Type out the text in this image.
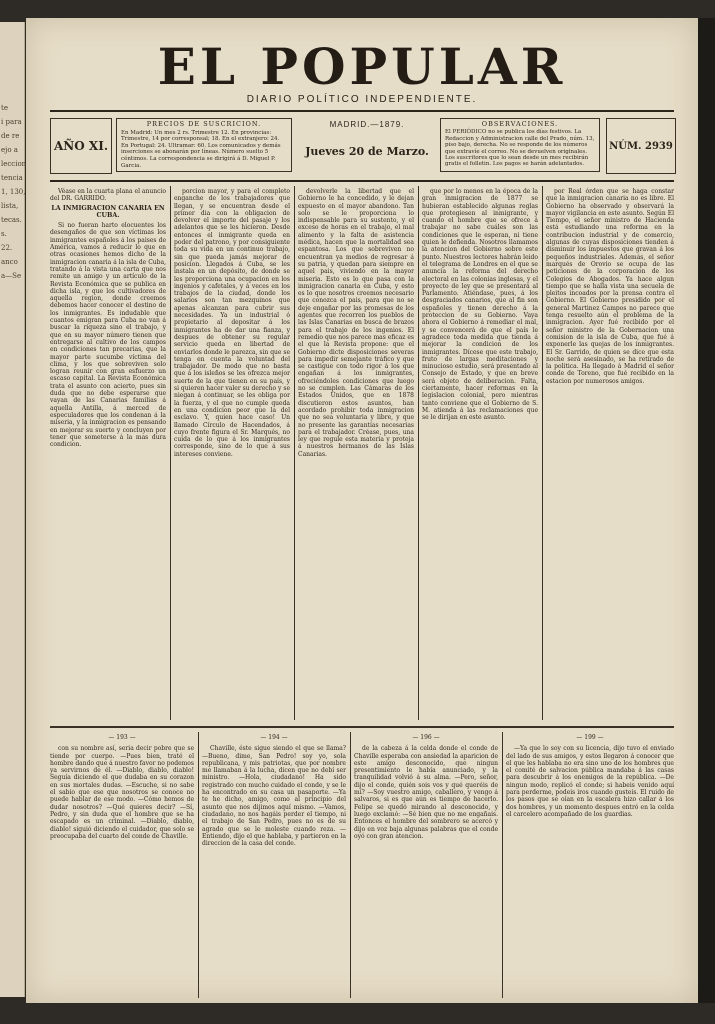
te
i para
de re
ejo a
leccion
tencia
1, 130,
lista,
tecas.
s.
22.
anco
a—Se
EL POPULAR
DIARIO POLÍTICO INDEPENDIENTE.
AÑO XI.
PRECIOS DE SUSCRICION.
En Madrid: Un mes 2 rs. Trimestre 12. En provincias: Trimestre, 14 por corresponsal; 18. En el extranjero: 24. En Portugal: 24. Ultramar: 60. Los comunicados y demás inserciones se abonarán por líneas. Número suelto 5 céntimos. La correspondencia se dirigirá á D. Miguel P. Garcia.
MADRID.—1879.
Jueves 20 de Marzo.
OBSERVACIONES.
El PERIÓDICO no se publica los días festivos. La Redaccion y Administracion calle del Prado, núm. 13, piso bajo, derecha. No se responde de los números que extravíe el correo. No se devuelven originales. Los suscritores que lo sean desde un mes recibirán gratis el folletin. Los pagos se harán adelantados.
NÚM. 2939

Véase en la cuarta plana el anuncio del DR. GARRIDO.

LA INMIGRACION CANARIA EN CUBA.

Si no fueran harto elocuentes los desengaños de que son víctimas los inmigrantes españoles á los paises de América, vamos á reducir lo que en otras ocasiones hemos dicho de la inmigracion canaria á la isla de Cuba, tratando á la vista una carta que nos remite un amigo y un artículo de la Revista Económica que se publica en dicha isla, y que los cultivadores de aquella region, donde creemos debemos hacer conocer el destino de los inmigrantes. Es indudable que cuantos emigran para Cuba no van á buscar la riqueza sino el trabajo, y que en su mayor número tienen que entregarse al cultivo de los campos en condiciones tan precarias, que la mayor parte sucumbe víctima del clima, y los que sobreviven solo logran reunir con gran esfuerzo un escaso capital. La Revista Económica trata el asunto con acierto, pues sin duda que no debe esperarse que vayan de las Canarias familias á aquella Antilla, á merced de especuladores que los condenan á la miseria, y la inmigracion es pensando en mejorar su suerte y concluyen por tener que someterse á la mas dura condicion.

porcion mayor, y para el completo enganche de los trabajadores que llegan, y se encuentran desde el primer dia con la obligacion de devolver el importe del pasaje y los adelantos que se les hicieron. Desde entonces el inmigrante queda en poder del patrono, y por consiguiente toda su vida en un continuo trabajo, sin que pueda jamás mejorar de posicion. Llegados á Cuba, se les instala en un depósito, de donde se les proporciona una ocupacion en los ingenios y cafetales, y á veces en los trabajos de la ciudad, donde los salarios son tan mezquinos que apenas alcanzan para cubrir sus necesidades. Ya un industrial ó propietario al depositar á los inmigrantes ha de dar una fianza, y despues de obtener su regular servicio queda en libertad de enviarlos donde le parezca, sin que se tenga en cuenta la voluntad del trabajador. De modo que no basta que á los isleños se les ofrezca mejor suerte de la que tienen en su país, y si quieren hacer valer su derecho y se niegan á continuar, se les obliga por la fuerza, y el que no cumple queda en una condicion peor que la del esclavo. Y, quien hace caso! Un llamado Círculo de Hacendados, á cuyo frente figura el Sr. Marqués, no cuida de lo que á los inmigrantes corresponde, sino de lo que á sus intereses conviene.

devolverle la libertad que el Gobierno le ha concedido, y le dejan expuesto en el mayor abandono. Tan solo se le proporciona lo indispensable para su sustento, y el exceso de horas en el trabajo, el mal alimento y la falta de asistencia médica, hacen que la mortalidad sea espantosa. Los que sobreviven no encuentran ya medios de regresar á su patria, y quedan para siempre en aquel pais, viviendo en la mayor miseria. Esto es lo que pasa con la inmigracion canaria en Cuba, y esto es lo que nosotros creemos necesario que conozca el pais, para que no se deje engañar por las promesas de los agentes que recorren los pueblos de las Islas Canarias en busca de brazos para el trabajo de los ingenios. El remedio que nos parece mas eficaz es el que la Revista propone: que el Gobierno dicte disposiciones severas para impedir semejante tráfico y que se castigue con todo rigor á los que engañan á los inmigrantes, ofreciéndoles condiciones que luego no se cumplen. Las Cámaras de los Estados Unidos, que en 1878 discutieron estos asuntos, han acordado prohibir toda inmigracion que no sea voluntaria y libre, y que no presente las garantías necesarias para el trabajador. Créase, pues, una ley que regule esta materia y proteja á nuestros hermanos de las Islas Canarias.

que por lo menos en la época de la gran inmigracion de 1877 se hubieran establecido algunas reglas que protegiesen al inmigrante, y cuando el hombre que se ofrece á trabajar no sabe cuáles son las condiciones que le esperan, ni tiene quien le defienda. Nosotros llamamos la atencion del Gobierno sobre este punto. Nuestros lectores habrán leido el telegrama de Londres en el que se anuncia la reforma del derecho electoral en las colonias inglesas, y el proyecto de ley que se presentará al Parlamento. Atiéndase, pues, á los desgraciados canarios, que al fin son españoles y tienen derecho á la proteccion de su Gobierno. Vaya ahora el Gobierno á remediar el mal, y se convencerá de que el país le agradece toda medida que tienda á mejorar la condicion de los inmigrantes. Dícese que este trabajo, fruto de largas meditaciones y minucioso estudio, será presentado al Consejo de Estado, y que en breve será objeto de deliberacion. Falta, ciertamente, hacer reformas en la legislacion colonial, pero mientras tanto conviene que el Gobierno de S. M. atienda á las reclamaciones que se le dirijan en este asunto.

por Real órden que se haga constar que la inmigracion canaria no es libre. El Gobierno ha observado y observará la mayor vigilancia en este asunto. Según El Tiempo, el señor ministro de Hacienda está estudiando una reforma en la contribucion industrial y de comercio, algunas de cuyas disposiciones tienden á disminuir los impuestos que gravan á los pequeños industriales. Además, el señor marqués de Orovio se ocupa de las peticiones de la corporacion de los Colegios de Abogados. Ya hace algun tiempo que se halla vista una secuela de pleitos incoados por la prensa contra el Gobierno. El Gobierno presidido por el general Martinez Campos no parece que tenga resuelto aún el problema de la inmigracion. Ayer fué recibido por el señor ministro de la Gobernacion una comision de la isla de Cuba, que fué á exponerle las quejas de los inmigrantes. El Sr. Garrido, de quien se dice que esta noche será asesinado, se ha retirado de la politica. Ha llegado á Madrid el señor conde de Toreno, que fué recibido en la estacion por numerosos amigos.

— 193 —

con su nombre así, seria decir pobre que se tiende por cuerpo. —Pues bien, traté el hombre dando que á nuestro favor no podemos ya servirnos de él. —Diablo, diablo, diablo! Seguía diciendo el que dudaba en su corazon en sus mortales dudas. —Escuche, si no sabe el sabio que ese que nosotros se conoce no puede hablar de ese modo. —Cómo hemos de dudar nosotros? —Qué quieres decir? —Sí, Pedro, y sin duda que el hombre que se ha escapado es un criminal. —Diablo, diablo, diablo! siguió diciendo el cuidador, que solo se preocupaba del cuarto del conde de Chaville.

— 194 —

Chaville, éste sigue siendo el que se llama? —Bueno, dime, San Pedro! soy yo, sola republicana, y mis patriotas, que por nombre me llamaban á la lucha, dicen que no debí ser ministro. —Hola, ciudadano! Ha sido registrado con mucho cuidado el conde, y se le ha encontrado en su casa un pasaporte. —Ya te he dicho, amigo, como al principio del asunto que nos dijimos aquí mismo. —Vamos, ciudadano, no nos hagáis perder el tiempo, ni el trabajo de San Pedro, pues no es de su agrado que se le moleste cuando reza. —Entiendo, dijo el que hablaba, y partieron en la direccion de la casa del conde.

— 196 —

de la cabeza á la celda donde el conde de Chaville esperaba con ansiedad la aparicion de este amigo desconocido, que ningun presentimiento le había anunciado, y la tranquilidad volvió á su alma. —Pero, señor, dijo el conde, quién sois vos y qué queréis de mí? —Soy vuestro amigo, caballero, y vengo á salvaros, si es que aún es tiempo de hacerlo. Felipe se quedó mirando al desconocido, y luego exclamó: —Sé bien que no me engañais. Entonces el hombre del sombrero se acercó y dijo en voz baja algunas palabras que el conde oyó con gran atencion.

— 199 —

—Ya que lo soy con su licencia, dijo tuvo el enviado del lado de sus amigos, y estos llegaron á conocer que el que les hablaba no era sino uno de los hombres que el comité de salvacion pública mandaba á las casas para descubrir á los enemigos de la república. —De ningun modo, replicó el conde; si habeis venido aquí para perderme, podeis iros cuando gusteis. El ruido de los pasos que se oían en la escalera hizo callar á los dos hombres, y un momento despues entró en la celda el carcelero acompañado de los guardias.
